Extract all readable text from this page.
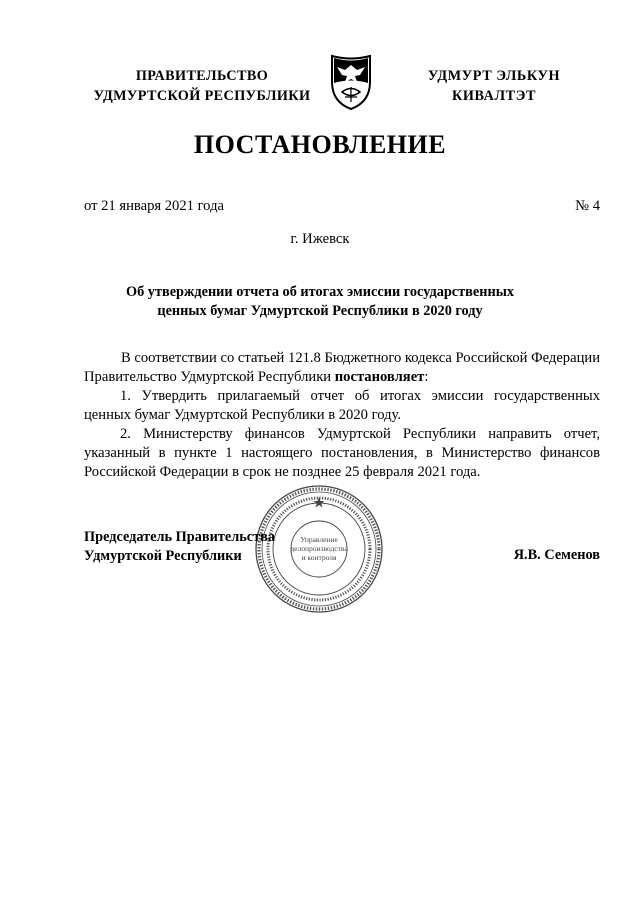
ПРАВИТЕЛЬСТВО
УДМУРТСКОЙ РЕСПУБЛИКИ
УДМУРТ ЭЛЬКУН
КИВАЛТЭТ
ПОСТАНОВЛЕНИЕ
от 21 января 2021 года	№ 4
г. Ижевск
Об утверждении отчета об итогах эмиссии государственных
ценных бумаг Удмуртской Республики в 2020 году

В соответствии со статьей 121.8 Бюджетного кодекса Российской Федерации Правительство Удмуртской Республики постановляет:

1. Утвердить прилагаемый отчет об итогах эмиссии государственных ценных бумаг Удмуртской Республики в 2020 году.

2. Министерству финансов Удмуртской Республики направить отчет, указанный в пункте 1 настоящего постановления, в Министерство финансов Российской Федерации в срок не позднее 25 февраля 2021 года.

Управление
делопроизводства
и контроля
Председатель Правительства
Удмуртской Республики	Я.В. Семенов
